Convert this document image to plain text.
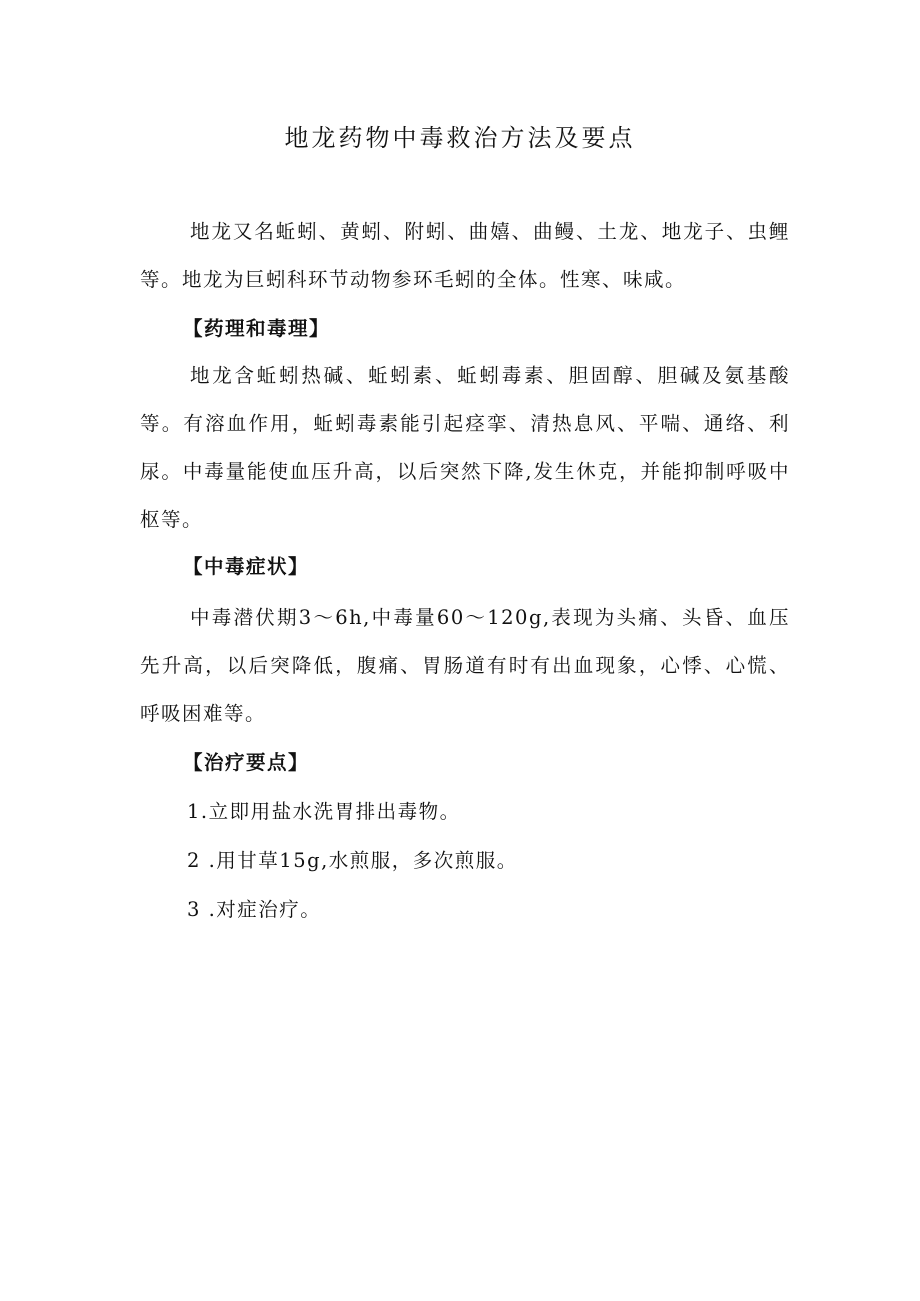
地龙药物中毒救治方法及要点

地龙又名蚯蚓、黄蚓、附蚓、曲嬉、曲鳗、土龙、地龙子、虫鲤等。地龙为巨蚓科环节动物参环毛蚓的全体。性寒、味咸。

【药理和毒理】

地龙含蚯蚓热碱、蚯蚓素、蚯蚓毒素、胆固醇、胆碱及氨基酸等。有溶血作用，蚯蚓毒素能引起痉挛、清热息风、平喘、通络、利尿。中毒量能使血压升高，以后突然下降,发生休克，并能抑制呼吸中枢等。

【中毒症状】

中毒潜伏期3～6h,中毒量60～120g,表现为头痛、头昏、血压先升高，以后突降低，腹痛、胃肠道有时有出血现象，心悸、心慌、呼吸困难等。

【治疗要点】

1.立即用盐水洗胃排出毒物。

2 .用甘草15g,水煎服，多次煎服。

3 .对症治疗。
